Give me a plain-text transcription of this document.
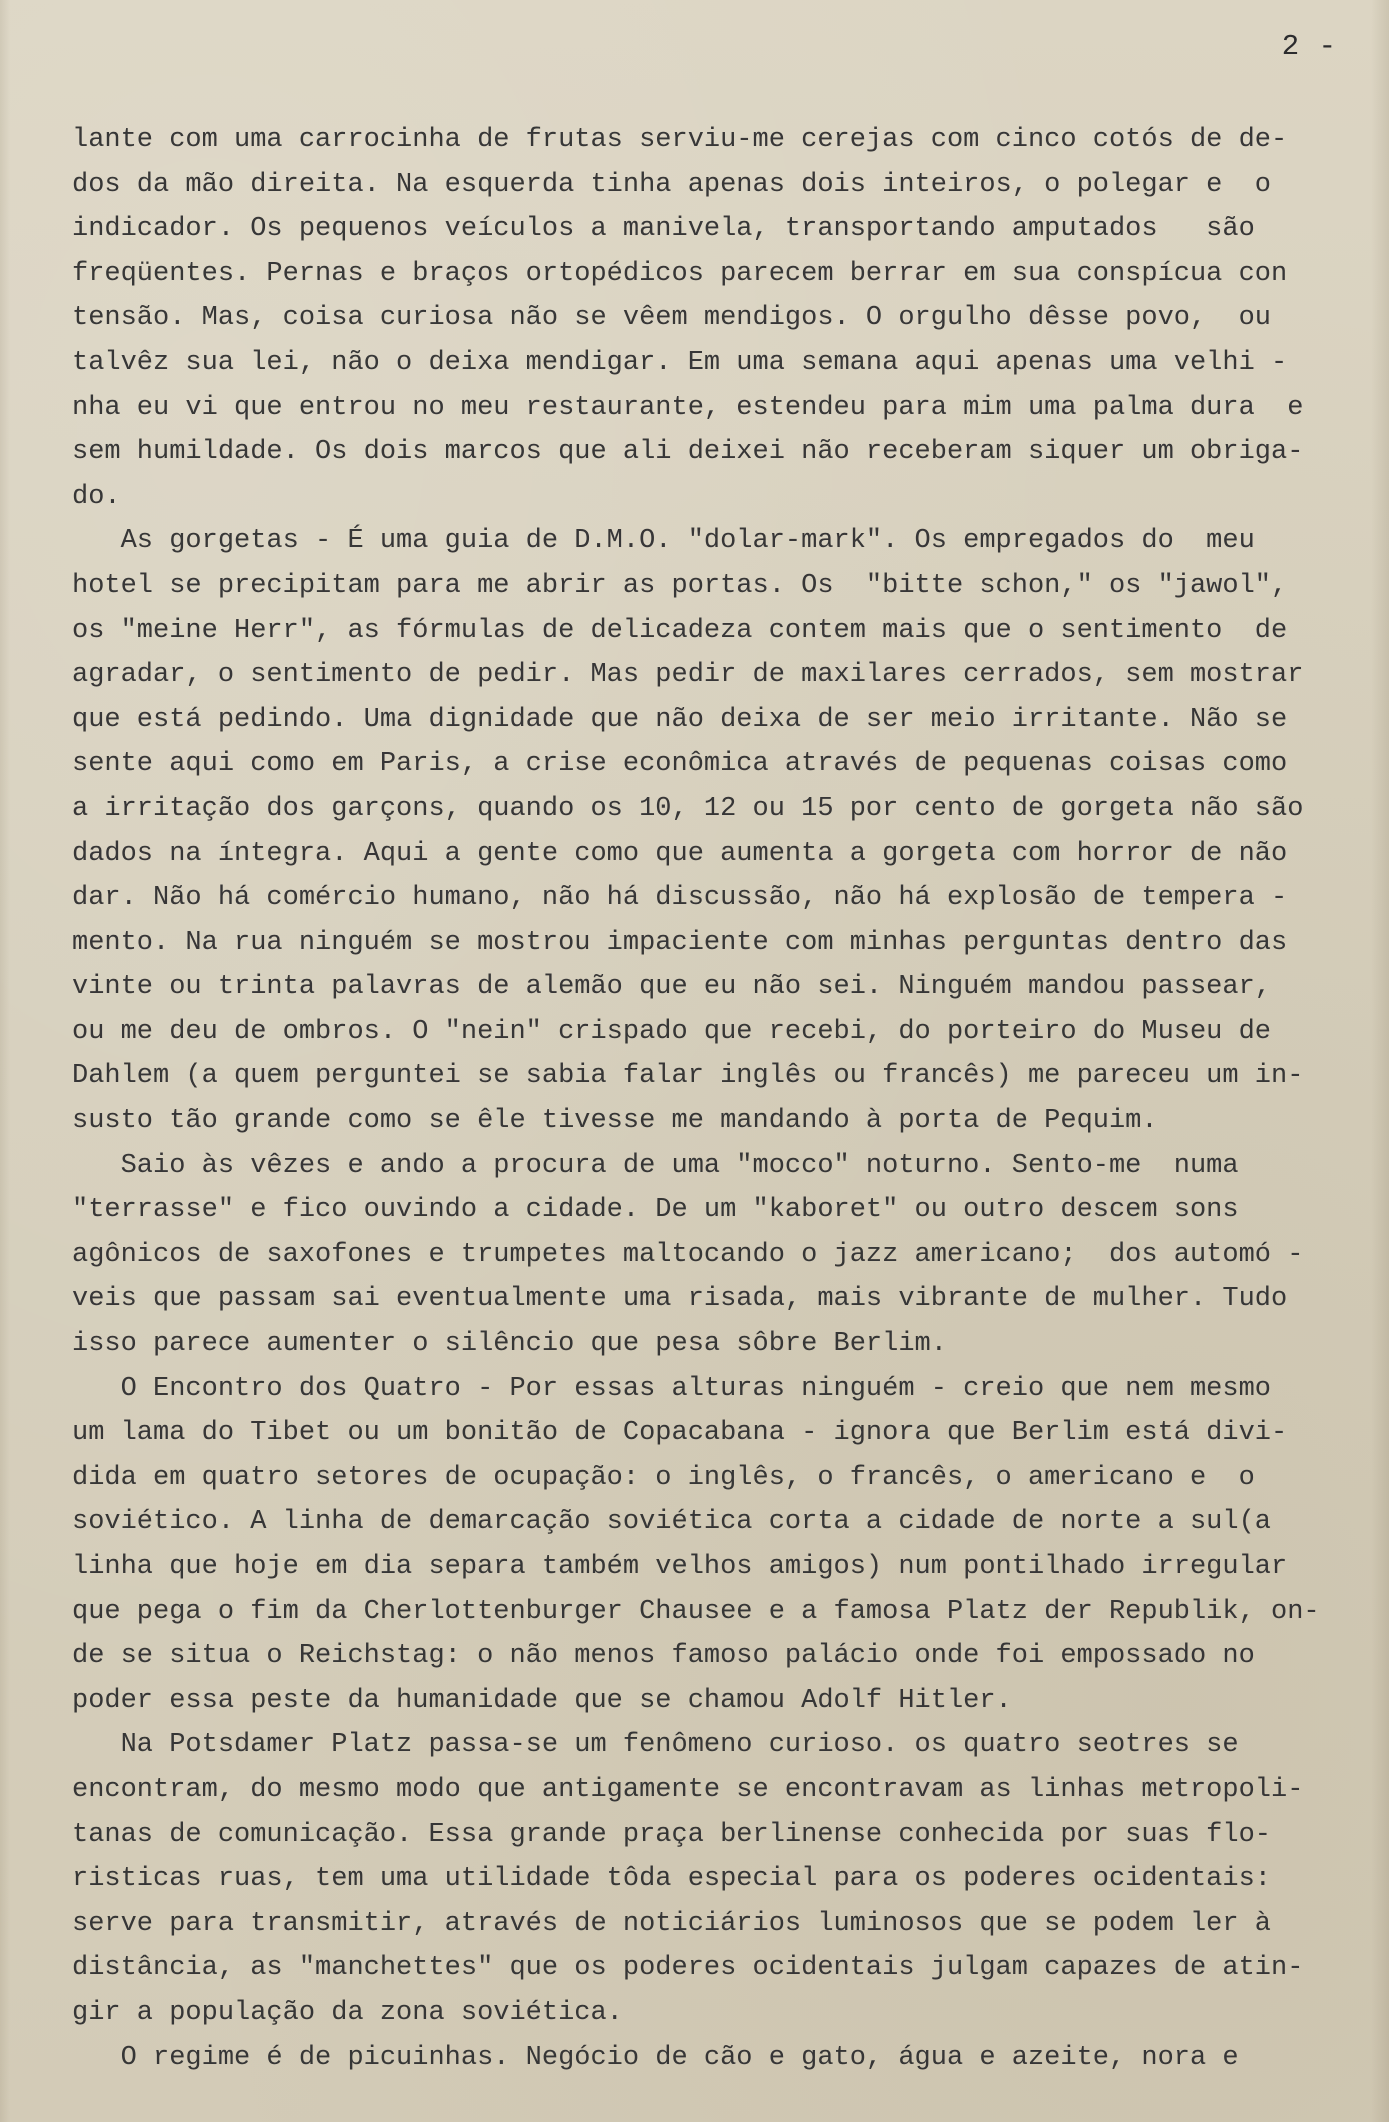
2 -
lante com uma carrocinha de frutas serviu-me cerejas com cinco cotós de de-
dos da mão direita. Na esquerda tinha apenas dois inteiros, o polegar e  o
indicador. Os pequenos veículos a manivela, transportando amputados   são
freqüentes. Pernas e braços ortopédicos parecem berrar em sua conspícua con
tensão. Mas, coisa curiosa não se vêem mendigos. O orgulho dêsse povo,  ou
talvêz sua lei, não o deixa mendigar. Em uma semana aqui apenas uma velhi -
nha eu vi que entrou no meu restaurante, estendeu para mim uma palma dura  e
sem humildade. Os dois marcos que ali deixei não receberam siquer um obriga-
do.
As gorgetas - É uma guia de D.M.O. "dolar-mark". Os empregados do  meu
hotel se precipitam para me abrir as portas. Os  "bitte schon," os "jawol",
os "meine Herr", as fórmulas de delicadeza contem mais que o sentimento  de
agradar, o sentimento de pedir. Mas pedir de maxilares cerrados, sem mostrar
que está pedindo. Uma dignidade que não deixa de ser meio irritante. Não se
sente aqui como em Paris, a crise econômica através de pequenas coisas como
a irritação dos garçons, quando os 10, 12 ou 15 por cento de gorgeta não são
dados na íntegra. Aqui a gente como que aumenta a gorgeta com horror de não
dar. Não há comércio humano, não há discussão, não há explosão de tempera -
mento. Na rua ninguém se mostrou impaciente com minhas perguntas dentro das
vinte ou trinta palavras de alemão que eu não sei. Ninguém mandou passear,
ou me deu de ombros. O "nein" crispado que recebi, do porteiro do Museu de
Dahlem (a quem perguntei se sabia falar inglês ou francês) me pareceu um in-
susto tão grande como se êle tivesse me mandando à porta de Pequim.
Saio às vêzes e ando a procura de uma "mocco" noturno. Sento-me  numa
"terrasse" e fico ouvindo a cidade. De um "kaboret" ou outro descem sons
agônicos de saxofones e trumpetes maltocando o jazz americano;  dos automó -
veis que passam sai eventualmente uma risada, mais vibrante de mulher. Tudo
isso parece aumenter o silêncio que pesa sôbre Berlim.
O Encontro dos Quatro - Por essas alturas ninguém - creio que nem mesmo
um lama do Tibet ou um bonitão de Copacabana - ignora que Berlim está divi-
dida em quatro setores de ocupação: o inglês, o francês, o americano e  o
soviético. A linha de demarcação soviética corta a cidade de norte a sul(a
linha que hoje em dia separa também velhos amigos) num pontilhado irregular
que pega o fim da Cherlottenburger Chausee e a famosa Platz der Republik, on-
de se situa o Reichstag: o não menos famoso palácio onde foi empossado no
poder essa peste da humanidade que se chamou Adolf Hitler.
Na Potsdamer Platz passa-se um fenômeno curioso. os quatro seotres se
encontram, do mesmo modo que antigamente se encontravam as linhas metropoli-
tanas de comunicação. Essa grande praça berlinense conhecida por suas flo-
risticas ruas, tem uma utilidade tôda especial para os poderes ocidentais:
serve para transmitir, através de noticiários luminosos que se podem ler à
distância, as "manchettes" que os poderes ocidentais julgam capazes de atin-
gir a população da zona soviética.
O regime é de picuinhas. Negócio de cão e gato, água e azeite, nora e
